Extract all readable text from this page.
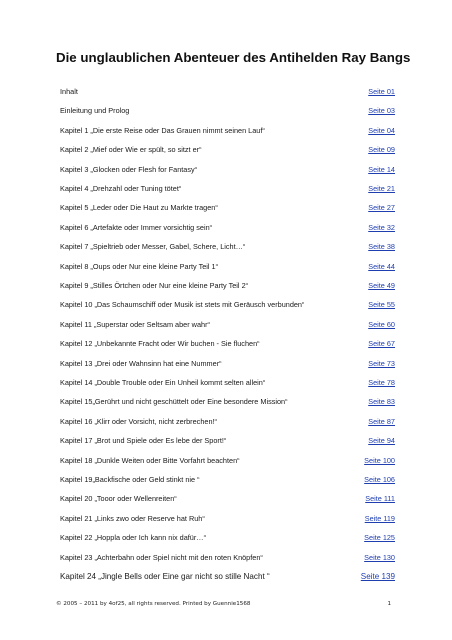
Die unglaublichen Abenteuer des Antihelden Ray Bangs
Inhalt	Seite 01
Einleitung und Prolog	Seite 03
Kapitel 1 „Die erste Reise oder Das Grauen nimmt seinen Lauf“	Seite 04
Kapitel 2 „Mief oder Wie er spült, so sitzt er“	Seite 09
Kapitel 3 „Glocken oder Flesh for Fantasy“	Seite 14
Kapitel 4 „Drehzahl oder Tuning tötet“	Seite 21
Kapitel 5 „Leder oder Die Haut zu Markte tragen“	Seite 27
Kapitel 6 „Artefakte oder Immer vorsichtig sein“	Seite 32
Kapitel 7 „Spieltrieb oder Messer, Gabel, Schere, Licht…“	Seite 38
Kapitel 8 „Oups oder Nur eine kleine Party Teil 1“	Seite 44
Kapitel 9 „Stilles Örtchen oder Nur eine kleine Party Teil 2“	Seite 49
Kapitel 10 „Das Schaumschiff oder Musik ist stets mit Geräusch verbunden“	Seite 55
Kapitel 11 „Superstar oder Seltsam aber wahr“	Seite 60
Kapitel 12 „Unbekannte Fracht oder Wir buchen - Sie fluchen“	Seite 67
Kapitel 13 „Drei oder Wahnsinn hat eine Nummer“	Seite 73
Kapitel 14 „Double Trouble oder Ein Unheil kommt selten allein“	Seite 78
Kapitel 15„Gerührt und nicht geschüttelt oder Eine besondere Mission“	Seite 83
Kapitel 16 „Klirr oder Vorsicht, nicht zerbrechen!“	Seite 87
Kapitel 17 „Brot und Spiele oder Es lebe der Sport!“	Seite 94
Kapitel 18 „Dunkle Weiten oder Bitte Vorfahrt beachten“	Seite 100
Kapitel 19„Backfische oder Geld stinkt nie “	Seite 106
Kapitel 20 „Tooor oder Wellenreiten“	Seite 111
Kapitel 21 „Links zwo oder Reserve hat Ruh“	Seite 119
Kapitel 22 „Hoppla oder Ich kann nix dafür…“	Seite 125
Kapitel 23 „Achterbahn oder Spiel nicht mit den roten Knöpfen“	Seite 130
Kapitel 24 „Jingle Bells oder Eine gar nicht so stille Nacht “	Seite 139
© 2005 – 2011 by 4of25, all rights reserved. Printed by Guennie1568	1
